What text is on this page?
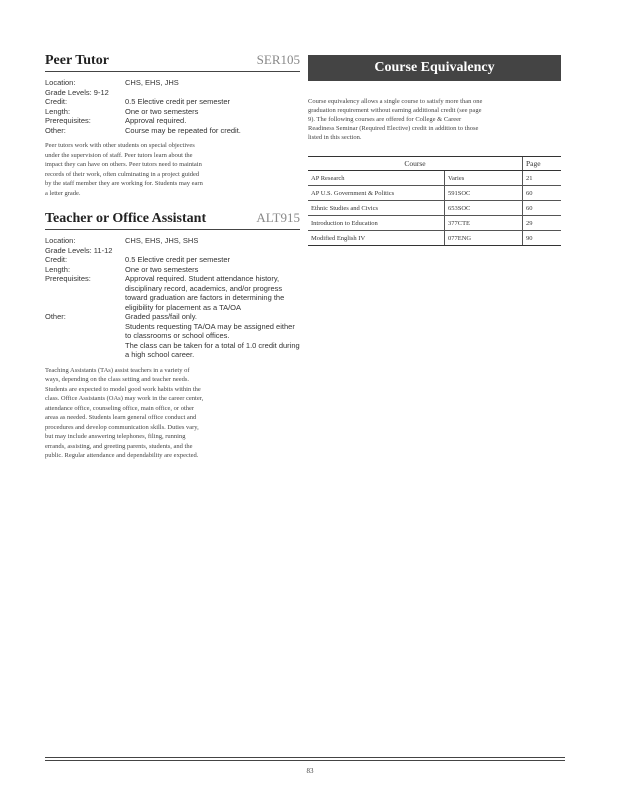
Peer Tutor	SER105
Location:	CHS, EHS, JHS
Grade Levels: 9-12
Credit:	0.5 Elective credit per semester
Length:	One or two semesters
Prerequisites:	Approval required.
Other:	Course may be repeated for credit.
Peer tutors work with other students on special objectives under the supervision of staff. Peer tutors learn about the impact they can have on others. Peer tutors need to maintain records of their work, often culminating in a project guided by the staff member they are working for. Students may earn a letter grade.
Teacher or Office Assistant	ALT915
Location:	CHS, EHS, JHS, SHS
Grade Levels: 11-12
Credit:	0.5 Elective credit per semester
Length:	One or two semesters
Prerequisites:	Approval required. Student attendance history, disciplinary record, academics, and/or progress toward graduation are factors in determining the eligibility for placement as a TA/OA
Other:	Graded pass/fail only.
Students requesting TA/OA may be assigned either to classrooms or school offices.
The class can be taken for a total of 1.0 credit during a high school career.
Teaching Assistants (TAs) assist teachers in a variety of ways, depending on the class setting and teacher needs. Students are expected to model good work habits within the class. Office Assistants (OAs) may work in the career center, attendance office, counseling office, main office, or other areas as needed. Students learn general office conduct and procedures and develop communication skills. Duties vary, but may include answering telephones, filing, running errands, assisting, and greeting parents, students, and the public. Regular attendance and dependability are expected.
Course Equivalency
Course equivalency allows a single course to satisfy more than one graduation requirement without earning additional credit (see page 9). The following courses are offered for College & Career Readiness Seminar (Required Elective) credit in addition to those listed in this section.
Course		Page
AP Research	Varies	21
AP U.S. Government & Politics	591SOC	60
Ethnic Studies and Civics	653SOC	60
Introduction to Education	377CTE	29
Modified English IV	077ENG	90
83
